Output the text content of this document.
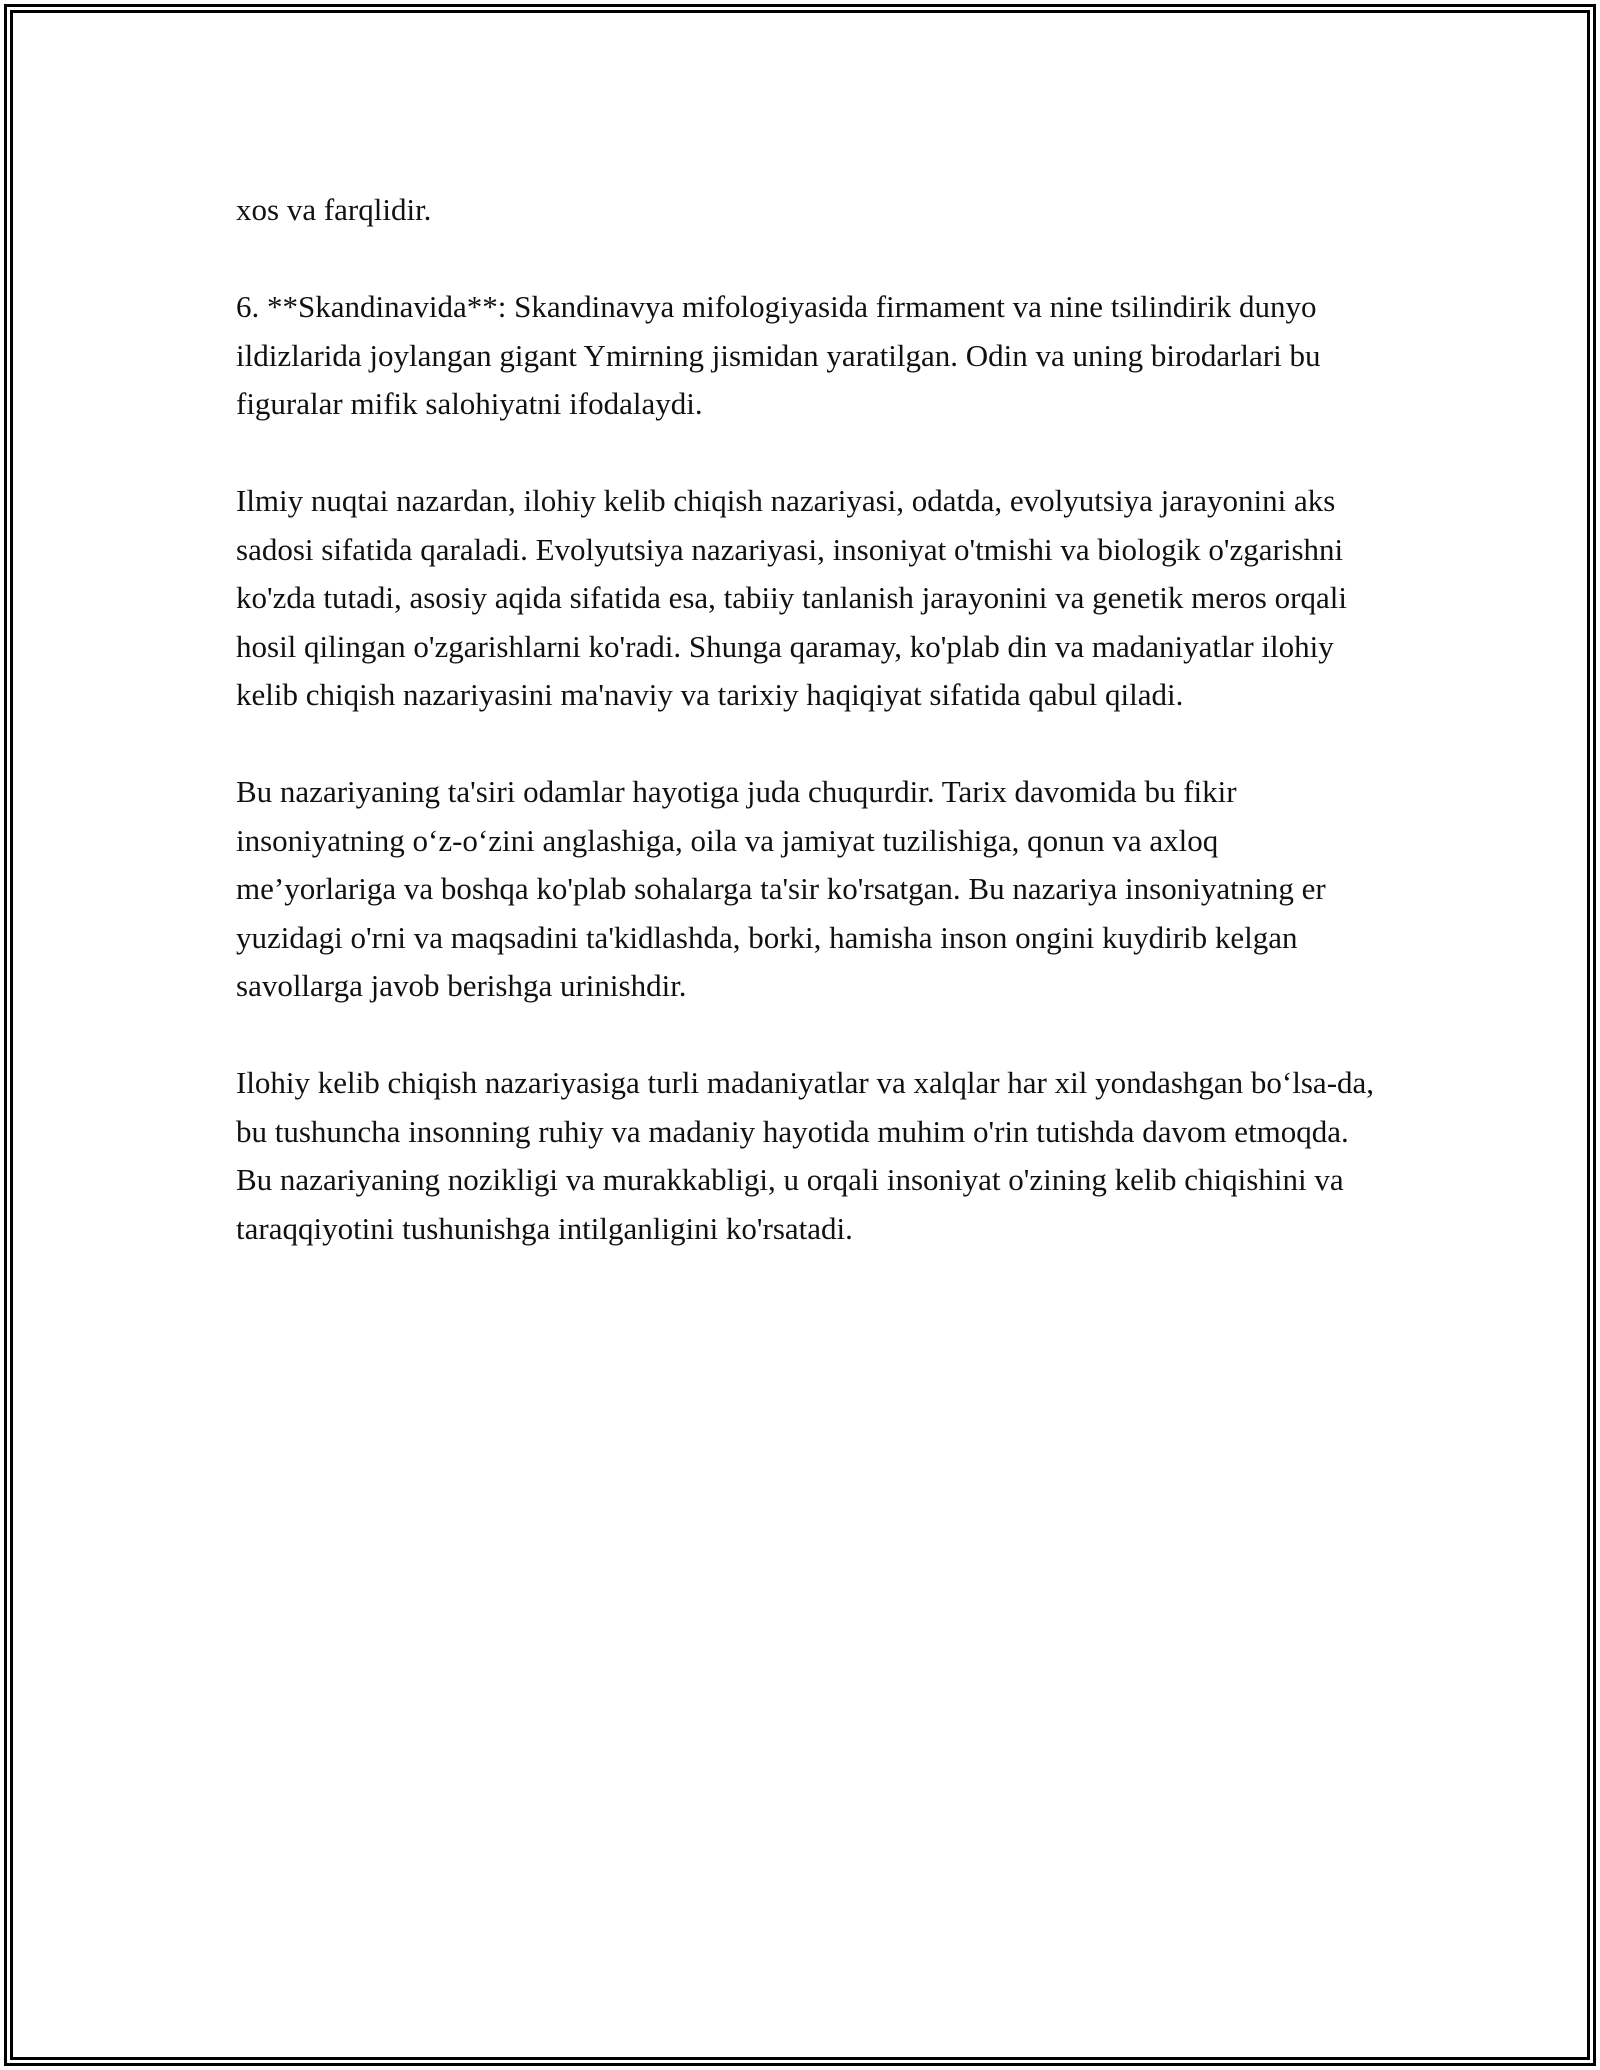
xos va farqlidir.

6. **Skandinavida**: Skandinavya mifologiyasida firmament va nine tsilindirik dunyo ildizlarida joylangan gigant Ymirning jismidan yaratilgan. Odin va uning birodarlari bu figuralar mifik salohiyatni ifodalaydi.

Ilmiy nuqtai nazardan, ilohiy kelib chiqish nazariyasi, odatda, evolyutsiya jarayonini aks sadosi sifatida qaraladi. Evolyutsiya nazariyasi, insoniyat o'tmishi va biologik o'zgarishni ko'zda tutadi, asosiy aqida sifatida esa, tabiiy tanlanish jarayonini va genetik meros orqali hosil qilingan o'zgarishlarni ko'radi. Shunga qaramay, ko'plab din va madaniyatlar ilohiy kelib chiqish nazariyasini ma'naviy va tarixiy haqiqiyat sifatida qabul qiladi.

Bu nazariyaning ta'siri odamlar hayotiga juda chuqurdir. Tarix davomida bu fikir insoniyatning o‘z-o‘zini anglashiga, oila va jamiyat tuzilishiga, qonun va axloq me’yorlariga va boshqa ko'plab sohalarga ta'sir ko'rsatgan. Bu nazariya insoniyatning er yuzidagi o'rni va maqsadini ta'kidlashda, borki, hamisha inson ongini kuydirib kelgan savollarga javob berishga urinishdir.

Ilohiy kelib chiqish nazariyasiga turli madaniyatlar va xalqlar har xil yondashgan bo‘lsa-da, bu tushuncha insonning ruhiy va madaniy hayotida muhim o'rin tutishda davom etmoqda. Bu nazariyaning nozikligi va murakkabligi, u orqali insoniyat o'zining kelib chiqishini va taraqqiyotini tushunishga intilganligini ko'rsatadi.
